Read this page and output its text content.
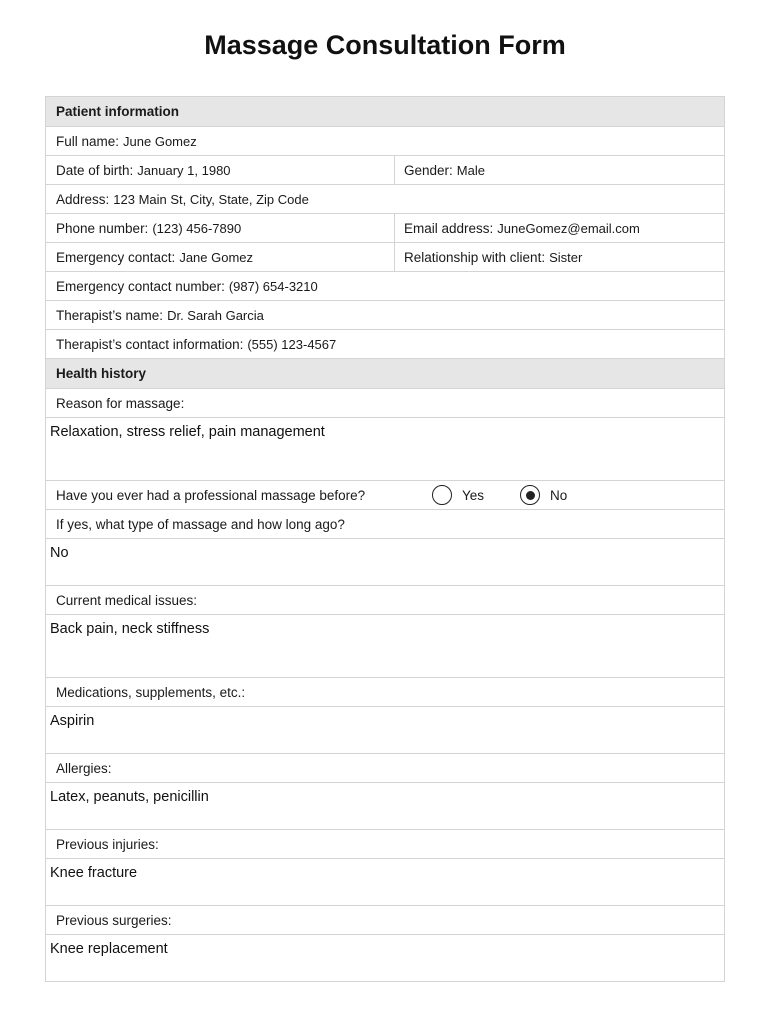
Massage Consultation Form
Patient information
Full name: June Gomez
Date of birth: January 1, 1980	Gender: Male
Address: 123 Main St, City, State, Zip Code
Phone number: (123) 456-7890	Email address: JuneGomez@email.com
Emergency contact: Jane Gomez	Relationship with client: Sister
Emergency contact number: (987) 654-3210
Therapist’s name: Dr. Sarah Garcia
Therapist’s contact information: (555) 123-4567
Health history
Reason for massage:
Relaxation, stress relief, pain management
Have you ever had a professional massage before?	Yes	No
If yes, what type of massage and how long ago?
No
Current medical issues:
Back pain, neck stiffness
Medications, supplements, etc.:
Aspirin
Allergies:
Latex, peanuts, penicillin
Previous injuries:
Knee fracture
Previous surgeries:
Knee replacement
